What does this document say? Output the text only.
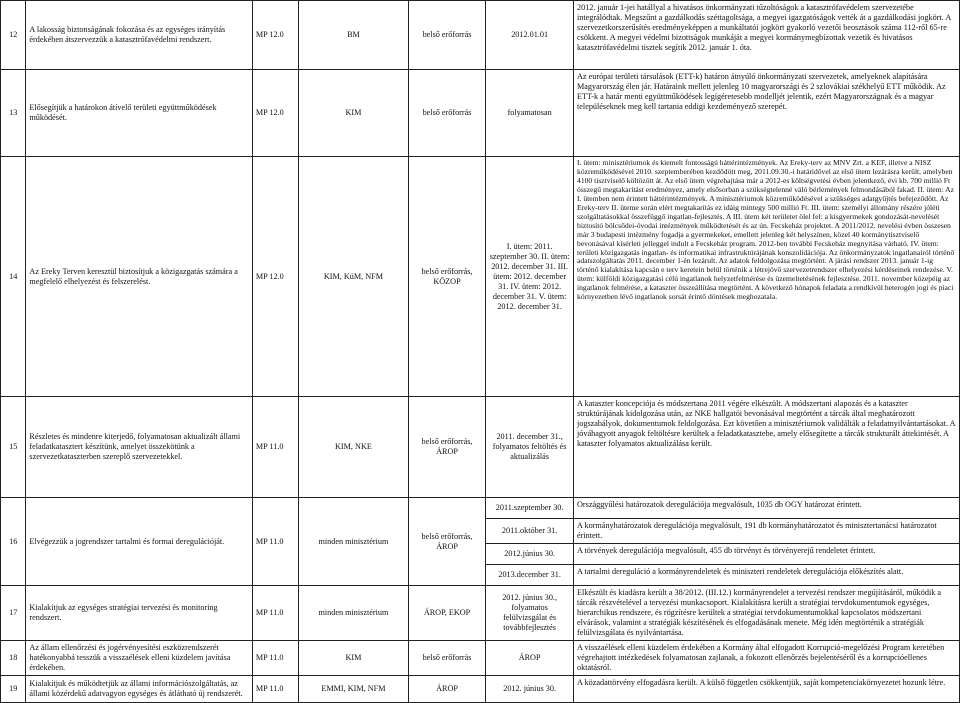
12	A lakosság biztonságának fokozása és az egységes irányítás érdekében átszervezzük a katasztrófavédelmi rendszert.	MP 12.0	BM	belső erőforrás	2012.01.01	2012. január 1-jei hatállyal a hivatásos önkormányzati tűzoltóságok a katasztrófavédelem szervezetébe integrálódtak. Megszűnt a gazdálkodás széttagoltsága, a megyei igazgatóságok vették át a gazdálkodási jogkört. A szervezetkorszerűsítés eredményeképpen a munkáltatói jogkört gyakorló vezetői beosztások száma 112-ről 65-re csökkent. A megyei védelmi bizottságok munkáját a megyei kormánymegbízottak vezetik és hivatásos katasztrófavédelmi tisztek segítik 2012. január 1. óta.
13	Elősegítjük a határokon átívelő területi együttműködések működését.	MP 12.0	KIM	belső erőforrás	folyamatosan	Az európai területi társulások (ETT-k) határon átnyúló önkormányzati szervezetek, amelyeknek alapítására Magyarország élen jár. Határaink mellett jelenleg 10 magyarországi és 2 szlovákiai székhelyű ETT működik. Az ETT-k a határ menti együttműködések legígéretesebb modelljét jelentik, ezért Magyarországnak és a magyar településeknek meg kell tartania eddigi kezdeményező szerepét.
14	Az Ereky Terven keresztül biztosítjuk a közigazgatás számára a megfelelő elhelyezést és felszerelést.	MP 12.0	KIM, KüM, NFM	belső erőforrás, KÖZOP	I. ütem: 2011. szeptember 30. II. ütem: 2012. december 31. III. ütem: 2012. december 31. IV. ütem: 2012. december 31. V. ütem: 2012. december 31.	I. ütem: minisztériumok és kiemelt fontosságú háttérintézmények. Az Ereky-terv az MNV Zrt. a KEF, illetve a NISZ közreműködésével 2010. szeptemberében kezdődött meg, 2011.09.30.-i határidővel az első ütem lezárásra került, amelyben 4100 tisztviselő költözött át. Az első ütem végrehajtása már a 2012-es költségvetési évben jelentkező, évi kb. 700 millió Ft összegű megtakarítást eredményez, amely elsősorban a szükségtelenné váló bérlemények felmondásából fakad. II. ütem: Az I. ütemben nem érintett háttérintézmények. A minisztériumok közreműködésével a szükséges adatgyűjtés befejeződött. Az Ereky-terv II. üteme során elért megtakarítás ez idáig mintegy 500 millió Ft. III. ütem: személyi állomány részére jóléti szolgáltatásokkal összefüggő ingatlan-fejlesztés. A III. ütem két területet ölel fel: a kisgyermekek gondozását-nevelését biztosító bölcsődei-óvodai intézmények működtetését és az ún. Fecskeház projektet. A 2011/2012. nevelési évben összesen már 3 budapesti intézmény fogadja a gyermekeket, emellett jelenleg két helyszínen, közel 40 kormánytisztviselő bevonásával kísérleti jelleggel indult a Fecskeház program. 2012-ben további Fecskeház megnyitása várható. IV. ütem: területi közigazgatás ingatlan- és informatikai infrastruktúrájának konszolidációja. Az önkormányzatok ingatlanairól történő adatszolgáltatás 2011. december 1-én lezárult. Az adatok feldolgozása megtörtént. A járási rendszer 2013. január 1-ig történő kialakítása kapcsán e terv keretein belül történik a létrejövő szervezetrendszer elhelyezési kérdéseinek rendezése. V. ütem: külföldi közigazgatási célú ingatlanok helyzetfelmérése és üzemeltetésének fejlesztése. 2011. november közepéig az ingatlanok felmérése, a kataszter összeállítása megtörtént. A következő hónapok feladata a rendkívül heterogén jogi és piaci környezetben lévő ingatlanok sorsát érintő döntések meghozatala.
15	Részletes és mindenre kiterjedő, folyamatosan aktualizált állami feladatkatasztert készítünk, amelyet összekötünk a szervezetkataszterben szereplő szervezetekkel.	MP 11.0	KIM, NKE	belső erőforrás, ÁROP	2011. december 31., folyamatos feltöltés és aktualizálás	A kataszter koncepciója és módszertana 2011 végére elkészült. A módszertani alapozás és a kataszter struktúrájának kidolgozása után, az NKE hallgatói bevonásával megtörtént a tárcák által meghatározott jogszabályok, dokumentumok feldolgozása. Ezt követően a minisztériumok validálták a feladatnyilvántartásokat. A jóváhagyott anyagok feltöltésre kerültek a feladatkatasztebe, amely elősegítette a tárcák strukturált áttekintését. A kataszter folyamatos aktualizálása került.
16	Elvégezzük a jogrendszer tartalmi és formai deregulációját.	MP 11.0	minden minisztérium	belső erőforrás, ÁROP	2011.szeptember 30.	Országgyűlési határozatok deregulációja megvalósult, 1035 db OGY határozat érintett.
					2011.október 31.	A kormányhatározatok deregulációja megvalósult, 191 db kormányhatározatot és minisztertanácsi határozatot érintett.
					2012.június 30.	A törvények deregulációja megvalósult, 455 db törvényt és törvényerejű rendeletet érintett.
					2013.december 31.	A tartalmi dereguláció a kormányrendeletek és miniszteri rendeletek deregulációja előkészítés alatt.
17	Kialakítjuk az egységes stratégiai tervezési és monitoring rendszert.	MP 11.0	minden minisztérium	ÁROP, EKOP	2012. június 30., folyamatos felülvizsgálat és továbbfejlesztés	Elkészült és kiadásra került a 38/2012. (III.12.) kormányrendelet a tervezési rendszer megújításáról, működik a tárcák részvételével a tervezési munkacsoport. Kialakításra került a stratégiai tervdokumentumok egységes, hierarchikus rendszere, és rögzítésre kerültek a stratégiai tervdokumentumokkal kapcsolatos módszertani elvárások, valamint a stratégiák készítésének és elfogadásának menete. Még idén megtörténik a stratégiák felülvizsgálata és nyilvántartása.
18	Az állam ellenőrzési és jogérvényesítési eszközrendszerét hatékonyabbá tesszük a visszaélések elleni küzdelem javítása érdekében.	MP 11.0	KIM	belső erőforrás	ÁROP	A visszaélések elleni küzdelem érdekében a Kormány által elfogadott Korrupció-megelőzési Program keretében végrehajtott intézkedések folyamatosan zajlanak, a fokozott ellenőrzés bejelentéséről és a korrupcióellenes oktatásról.
19	Kialakítjuk és működtetjük az állami információszolgáltatás, az állami közérdekű adatvagyon egységes és átlátható új rendszerét.	MP 11.0	EMMI, KIM, NFM	ÁROP	2012. június 30.	A közadattörvény elfogadásra került. A külső független csökkentjük, saját kompetenciakörnyezetet hozunk létre.
